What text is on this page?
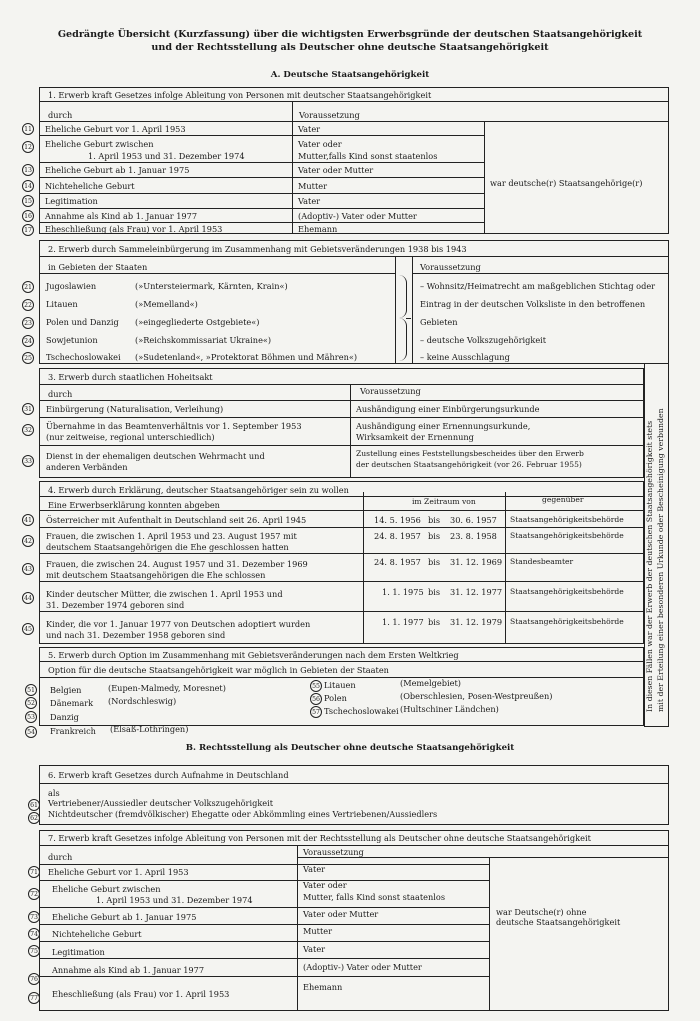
Gedrängte Übersicht (Kurzfassung) über die wichtigsten Erwerbsgründe der deutschen Staatsangehörigkeit
und der Rechtsstellung als Deutscher ohne deutsche Staatsangehörigkeit
A. Deutsche Staatsangehörigkeit
1. Erwerb kraft Gesetzes infolge Ableitung von Personen mit deutscher Staatsangehörigkeit
durch	Voraussetzung
war deutsche(r) Staatsangehörige(r)
11 Eheliche Geburt vor 1. April 1953	Vater
12 Eheliche Geburt zwischen
1. April 1953 und 31. Dezember 1974
Vater oder
Mutter,falls Kind sonst staatenlos
13 Eheliche Geburt ab 1. Januar 1975	Vater oder Mutter
14 Nichteheliche Geburt	Mutter
15 Legitimation	Vater
16 Annahme als Kind ab 1. Januar 1977	(Adoptiv-) Vater oder Mutter
17 Eheschließung (als Frau) vor 1. April 1953	Ehemann
2. Erwerb durch Sammeleinbürgerung im Zusammenhang mit Gebietsveränderungen 1938 bis 1943
in Gebieten der Staaten	Voraussetzung
21 Jugoslawien	(»Untersteiermark, Kärnten, Krain«)
22 Litauen	(»Memelland«)
23 Polen und Danzig (»eingegliederte Ostgebiete«)
24 Sowjetunion	(»Reichskommissariat Ukraine«)
25 Tschechoslowakei (»Sudetenland«, »Protektorat Böhmen und Mähren«)
– Wohnsitz/Heimatrecht am maßgeblichen Stichtag oder
Eintrag in der deutschen Volksliste in den betroffenen
Gebieten
– deutsche Volkszugehörigkeit
– keine Ausschlagung
In diesen Fällen war der Erwerb der deutschen Staatsangehörigkeit stets mit der Erteilung einer besonderen Urkunde oder Bescheinigung verbunden
3. Erwerb durch staatlichen Hoheitsakt
durch	Voraussetzung
31 Einbürgerung (Naturalisation, Verleihung)	Aushändigung einer Einbürgerungsurkunde
32 Übernahme in das Beamtenverhältnis vor 1. September 1953
(nur zeitweise, regional unterschiedlich)
Aushändigung einer Ernennungsurkunde,
Wirksamkeit der Ernennung
33
Dienst in der ehemaligen deutschen Wehrmacht und
anderen Verbänden
Zustellung eines Feststellungsbescheides über den Erwerb
der deutschen Staatsangehörigkeit (vor 26. Februar 1955)
4. Erwerb durch Erklärung, deutscher Staatsangehöriger sein zu wollen
Eine Erwerbserklärung konnten abgeben	im Zeitraum von	gegenüber
41 Österreicher mit Aufenthalt in Deutschland seit 26. April 1945	14. 5. 1956 bis 30. 6. 1957 Staatsangehörigkeitsbehörde
42
Frauen, die zwischen 1. April 1953 und 23. August 1957 mit
deutschem Staatsangehörigen die Ehe geschlossen hatten
24. 8. 1957 bis 23. 8. 1958 Staatsangehörigkeitsbehörde
43
Frauen, die zwischen 24. August 1957 und 31. Dezember 1969
mit deutschem Staatsangehörigen die Ehe schlossen
24. 8. 1957 bis 31. 12. 1969 Standesbeamter
44 Kinder deutscher Mütter, die zwischen 1. April 1953 und
31. Dezember 1974 geboren sind
1. 1. 1975 bis 31. 12. 1977 Staatsangehörigkeitsbehörde
45
Kinder, die vor 1. Januar 1977 von Deutschen adoptiert wurden
und nach 31. Dezember 1958 geboren sind
1. 1. 1977 bis 31. 12. 1979 Staatsangehörigkeitsbehörde
5. Erwerb durch Option im Zusammenhang mit Gebietsveränderungen nach dem Ersten Weltkrieg
Option für die deutsche Staatsangehörigkeit war möglich in Gebieten der Staaten
51 Belgien	(Eupen-Malmedy, Moresnet)
52 Dänemark (Nordschleswig)
53 Danzig
54 Frankreich (Elsaß-Lothringen)
55 Litauen	(Memelgebiet)
56 Polen	(Oberschlesien, Posen-Westpreußen)
57 Tschechoslowakei (Hultschiner Ländchen)
B. Rechtsstellung als Deutscher ohne deutsche Staatsangehörigkeit
6. Erwerb kraft Gesetzes durch Aufnahme in Deutschland
als
61 Vertriebener/Aussiedler deutscher Volkszugehörigkeit
62 Nichtdeutscher (fremdvölkischer) Ehegatte oder Abkömmling eines Vertriebenen/Aussiedlers
7. Erwerb kraft Gesetzes infolge Ableitung von Personen mit der Rechtsstellung als Deutscher ohne deutsche Staatsangehörigkeit
durch	Voraussetzung
war Deutsche(r) ohne
deutsche Staatsangehörigkeit
71 Eheliche Geburt vor 1. April 1953	Vater
72
Eheliche Geburt zwischen
1. April 1953 und 31. Dezember 1974
Vater oder
Mutter, falls Kind sonst staatenlos
73 Eheliche Geburt ab 1. Januar 1975	Vater oder Mutter
74 Nichteheliche Geburt	Mutter
75 Legitimation	Vater
76
Annahme als Kind ab 1. Januar 1977	(Adoptiv-) Vater oder Mutter
77 Eheschließung (als Frau) vor 1. April 1953
Ehemann
